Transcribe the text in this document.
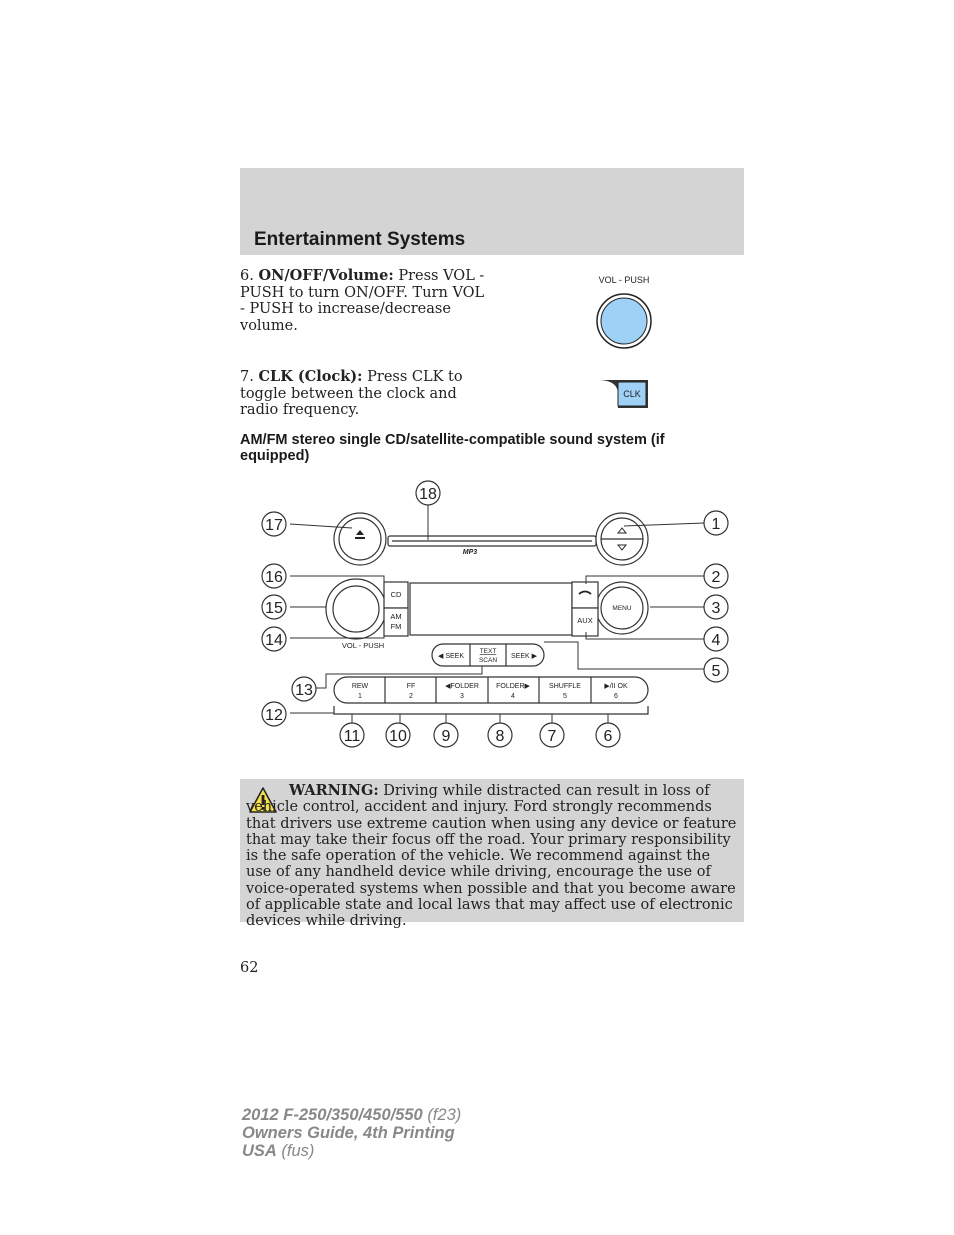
Entertainment Systems
6. ON/OFF/Volume: Press VOL - PUSH to turn ON/OFF. Turn VOL - PUSH to increase/decrease volume.
VOL - PUSH
7. CLK (Clock): Press CLK to toggle between the clock and radio frequency.
CLK
AM/FM stereo single CD/satellite-compatible sound system (if equipped)
MP3
CD
AM
FM
AUX
MENU
VOL - PUSH
◀ SEEK	SEEK ▶
TEXT
SCAN
REW
1
FF
2
◀FOLDER
3
FOLDER▶
4
SHUFFLE
5
▶/II OK
6
1
2
3
4
5
6
7
8
9
10
11
12
13
14
15
16
17
18
WARNING: Driving while distracted can result in loss of vehicle control, accident and injury. Ford strongly recommends that drivers use extreme caution when using any device or feature that may take their focus off the road. Your primary responsibility is the safe operation of the vehicle. We recommend against the use of any handheld device while driving, encourage the use of voice-operated systems when possible and that you become aware of applicable state and local laws that may affect use of electronic devices while driving.
62
2012 F-250/350/450/550 (f23)
Owners Guide, 4th Printing
USA (fus)
